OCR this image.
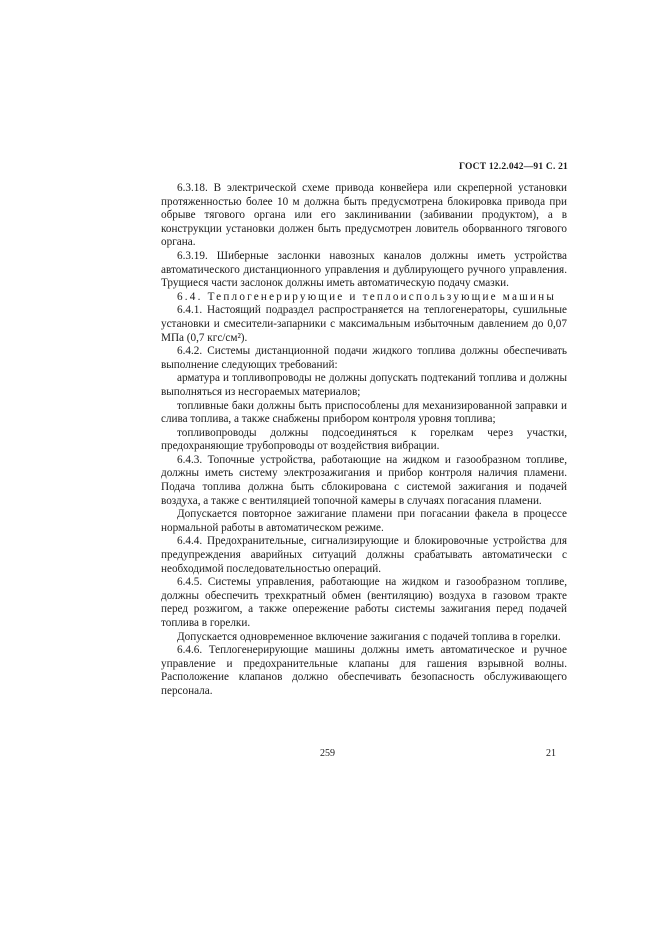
ГОСТ 12.2.042—91 С. 21

6.3.18. В электрической схеме привода конвейера или скреперной установки протяженностью более 10 м должна быть предусмотрена блокировка привода при обрыве тягового органа или его заклинивании (забивании продуктом), а в конструкции установки должен быть предусмотрен ловитель оборванного тягового органа.

6.3.19. Шиберные заслонки навозных каналов должны иметь устройства автоматического дистанционного управления и дублирующего ручного управления. Трущиеся части заслонок должны иметь автоматическую подачу смазки.

6.4. Теплогенерирующие и теплоиспользующие машины

6.4.1. Настоящий подраздел распространяется на теплогенераторы, сушильные установки и смесители-запарники с максимальным избыточным давлением до 0,07 МПа (0,7 кгс/см²).

6.4.2. Системы дистанционной подачи жидкого топлива должны обеспечивать выполнение следующих требований:

арматура и топливопроводы не должны допускать подтеканий топлива и должны выполняться из несгораемых материалов;

топливные баки должны быть приспособлены для механизированной заправки и слива топлива, а также снабжены прибором контроля уровня топлива;

топливопроводы должны подсоединяться к горелкам через участки, предохраняющие трубопроводы от воздействия вибрации.

6.4.3. Топочные устройства, работающие на жидком и газообразном топливе, должны иметь систему электрозажигания и прибор контроля наличия пламени. Подача топлива должна быть сблокирована с системой зажигания и подачей воздуха, а также с вентиляцией топочной камеры в случаях погасания пламени.

Допускается повторное зажигание пламени при погасании факела в процессе нормальной работы в автоматическом режиме.

6.4.4. Предохранительные, сигнализирующие и блокировочные устройства для предупреждения аварийных ситуаций должны срабатывать автоматически с необходимой последовательностью операций.

6.4.5. Системы управления, работающие на жидком и газообразном топливе, должны обеспечить трехкратный обмен (вентиляцию) воздуха в газовом тракте перед розжигом, а также опережение работы системы зажигания перед подачей топлива в горелки.

Допускается одновременное включение зажигания с подачей топлива в горелки.

6.4.6. Теплогенерирующие машины должны иметь автоматическое и ручное управление и предохранительные клапаны для гашения взрывной волны. Расположение клапанов должно обеспечивать безопасность обслуживающего персонала.

259	21
